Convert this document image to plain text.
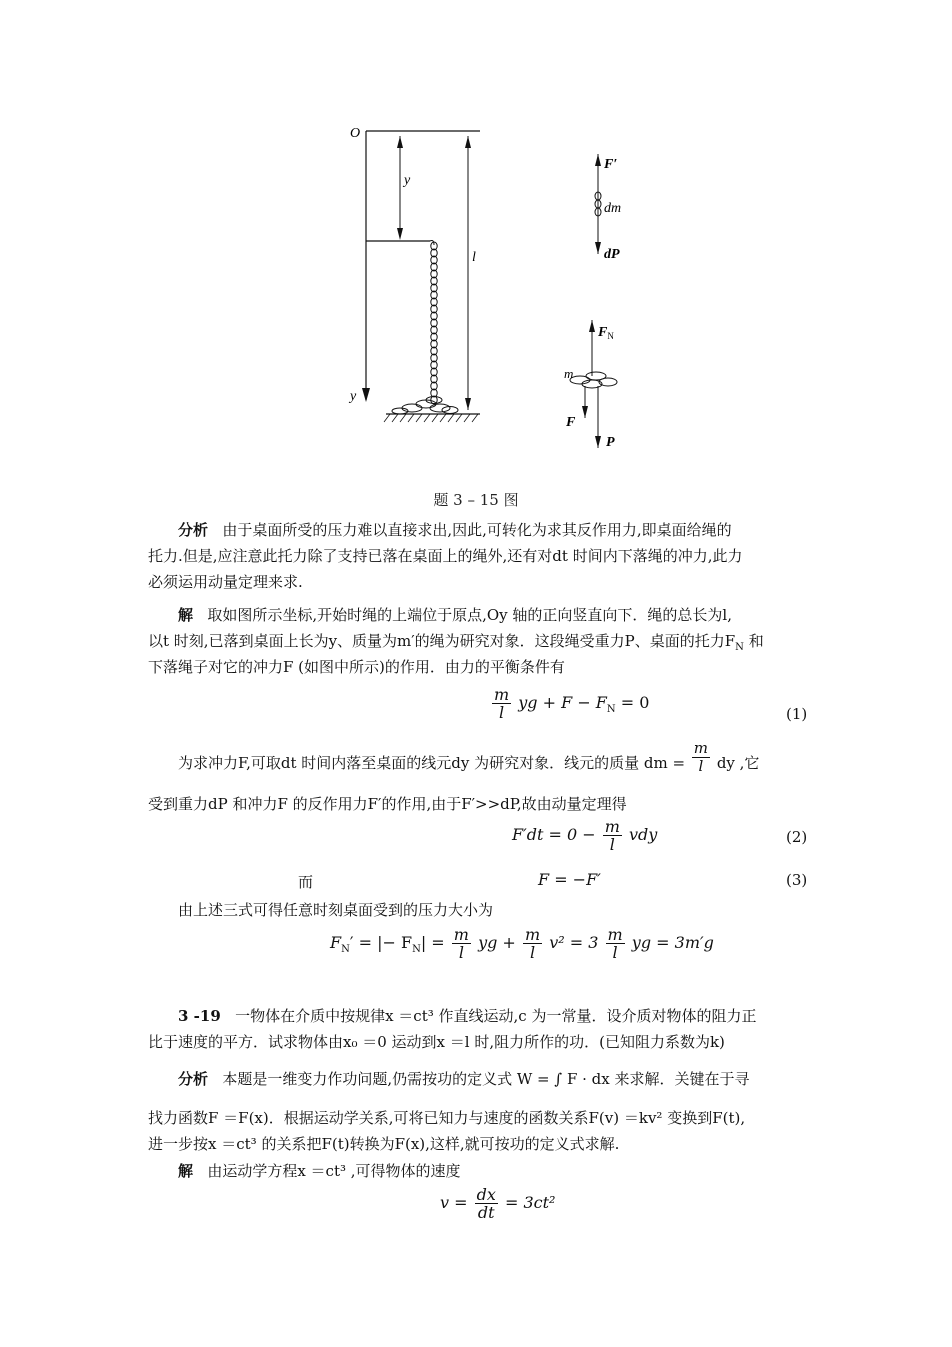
O
y
l
y
F′
dm
dP
$F_N$
m
F
P
题 3 – 15 图
分析 由于桌面所受的压力难以直接求出,因此,可转化为求其反作用力,即桌面给绳的
托力.但是,应注意此托力除了支持已落在桌面上的绳外,还有对dt 时间内下落绳的冲力,此力
必须运用动量定理来求.
解 取如图所示坐标,开始时绳的上端位于原点,Oy 轴的正向竖直向下．绳的总长为l,
以t 时刻,已落到桌面上长为y、质量为m′的绳为研究对象．这段绳受重力P、桌面的托力$F_N$ 和
下落绳子对它的冲力F (如图中所示)的作用．由力的平衡条件有
$\frac{m}{l}$ yg + $F - F_N = 0$
(1)
为求冲力F,可取dt 时间内落至桌面的线元dy 为研究对象．线元的质量 dm = $\frac{m}{l}$ dy ,它
受到重力dP 和冲力F 的反作用力F′的作用,由于F′>>dP,故由动量定理得
$F'dt = 0 - \frac{m}{l}$ vdy	(2)
而	F = −F′	(3)
由上述三式可得任意时刻桌面受到的压力大小为
$F_N'$ = |− $F_N| = \frac{m}{l}$ yg + $\frac{m}{l} v^2 = 3 \frac{m}{l}$ yg = 3m′g
3 -19 一物体在介质中按规律x ＝ct³ 作直线运动,c 为一常量．设介质对物体的阻力正
比于速度的平方．试求物体由x₀ ＝0 运动到x ＝l 时,阻力所作的功．(已知阻力系数为k)
分析 本题是一维变力作功问题,仍需按功的定义式 W = ∫ F · dx 来求解．关键在于寻
找力函数F ＝F(x)．根据运动学关系,可将已知力与速度的函数关系F(v) ＝kv² 变换到F(t),
进一步按x ＝ct³ 的关系把F(t)转换为F(x),这样,就可按功的定义式求解.
解 由运动学方程x ＝ct³ ,可得物体的速度
$v = \frac{dx}{dt} = 3ct^2$
